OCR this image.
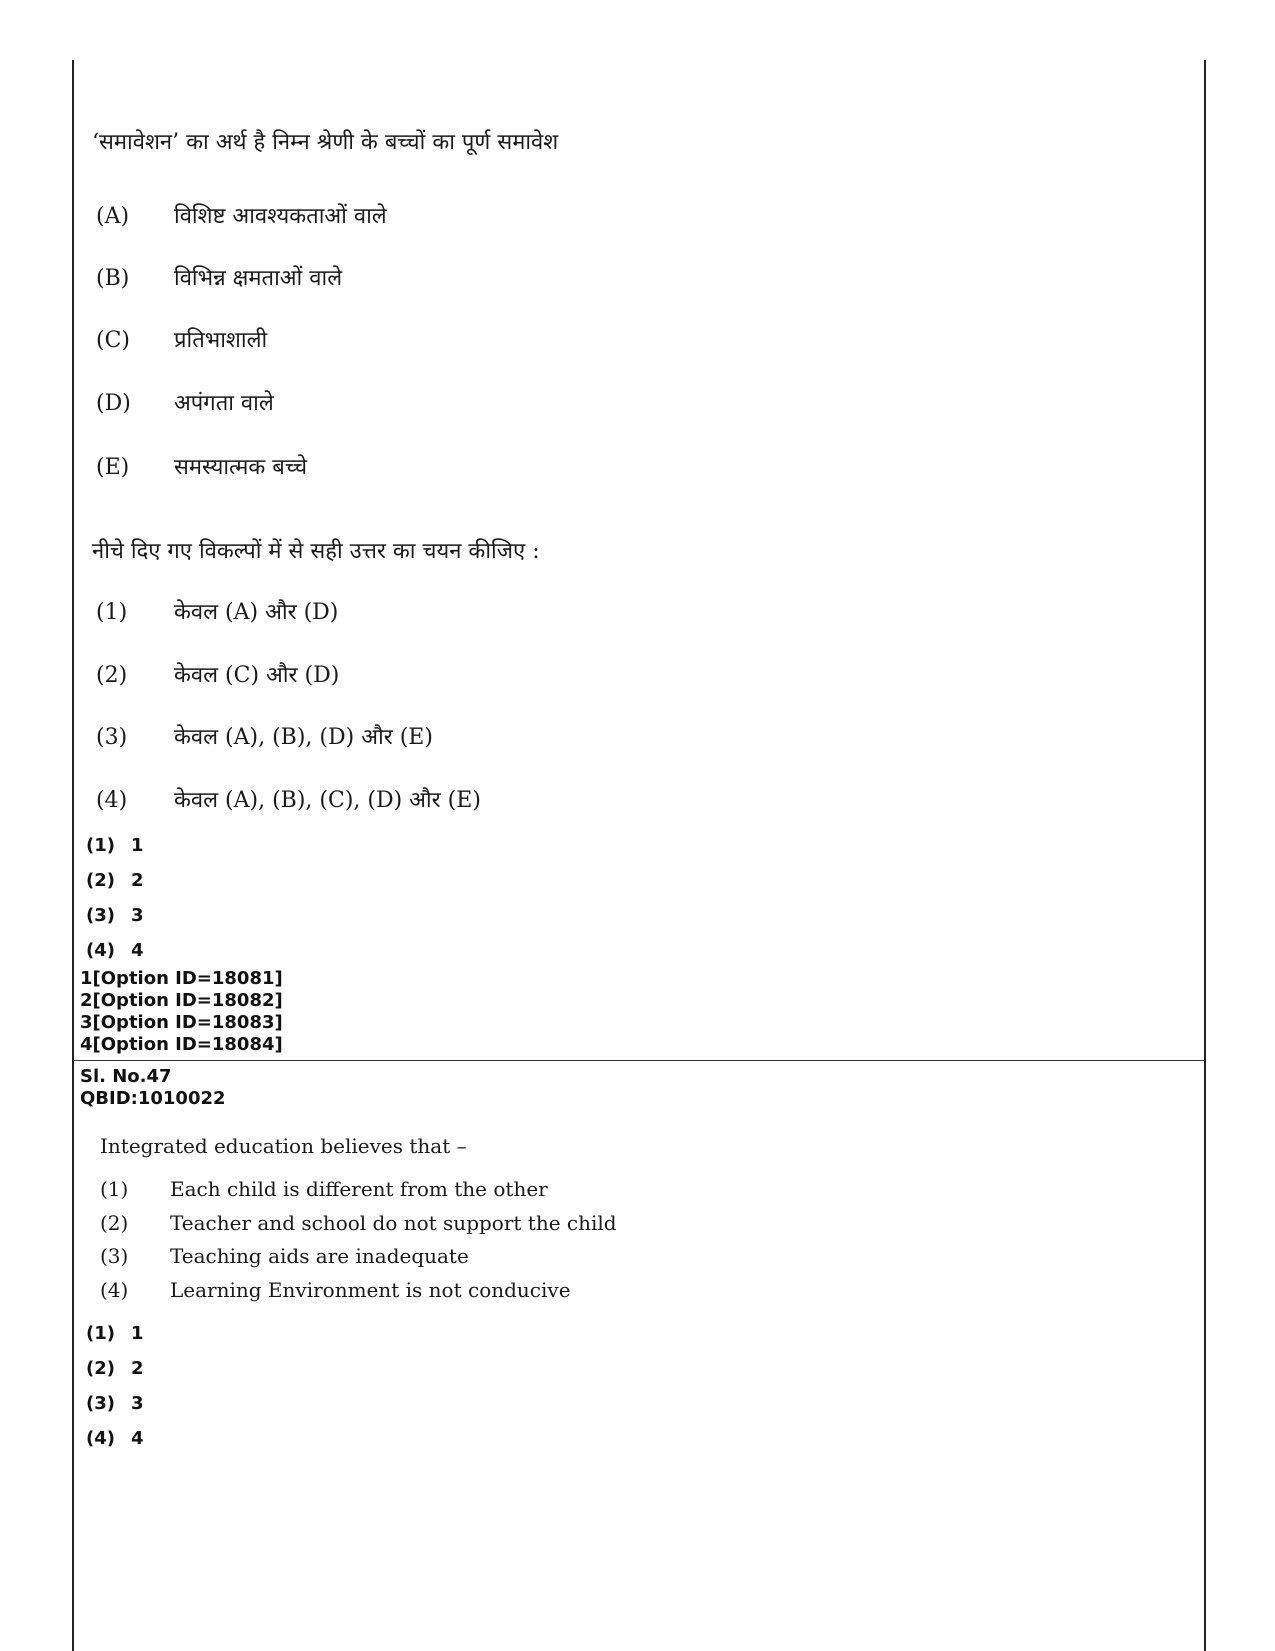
‘समावेशन’ का अर्थ है निम्न श्रेणी के बच्चों का पूर्ण समावेश
(A) विशिष्ट आवश्यकताओं वाले
(B) विभिन्न क्षमताओं वाले
(C) प्रतिभाशाली
(D) अपंगता वाले
(E) समस्यात्मक बच्चे
नीचे दिए गए विकल्पों में से सही उत्तर का चयन कीजिए :
(1) केवल (A) और (D)
(2) केवल (C) और (D)
(3) केवल (A), (B), (D) और (E)
(4) केवल (A), (B), (C), (D) और (E)
(1) 1
(2) 2
(3) 3
(4) 4
1[Option ID=18081]
2[Option ID=18082]
3[Option ID=18083]
4[Option ID=18084]
Sl. No.47
QBID:1010022
Integrated education believes that –
(1) Each child is different from the other
(2) Teacher and school do not support the child
(3) Teaching aids are inadequate
(4) Learning Environment is not conducive
(1) 1
(2) 2
(3) 3
(4) 4
